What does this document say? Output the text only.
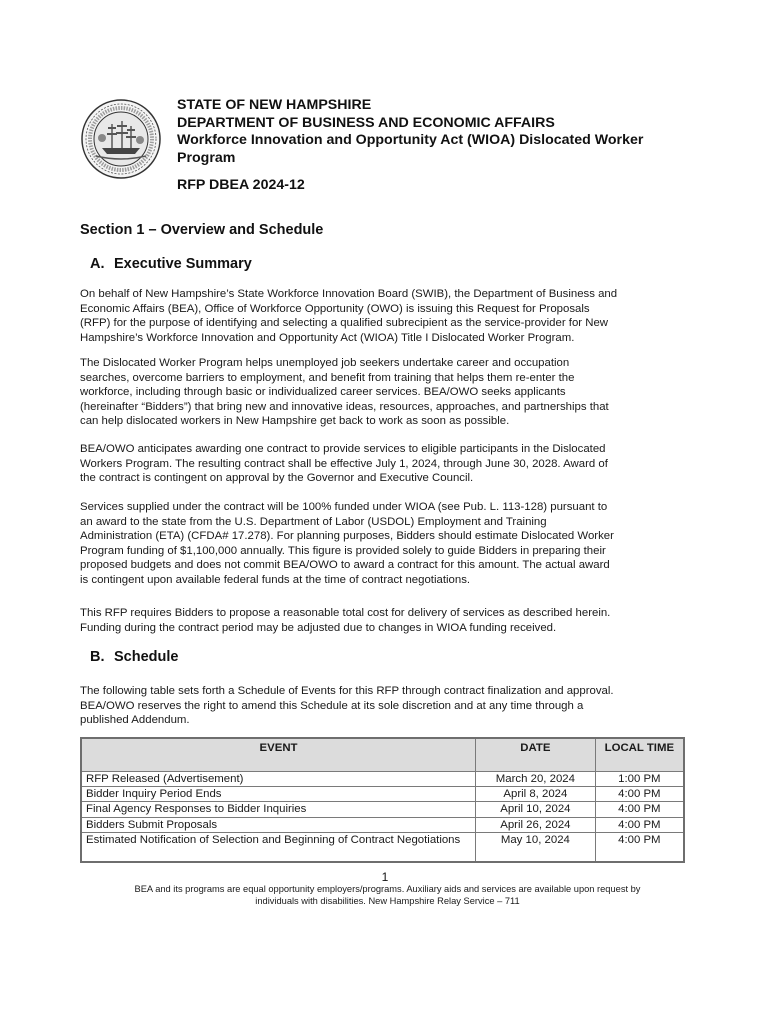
STATE OF NEW HAMPSHIRE
DEPARTMENT OF BUSINESS AND ECONOMIC AFFAIRS
Workforce Innovation and Opportunity Act (WIOA) Dislocated Worker
Program
RFP DBEA 2024-12
Section 1 – Overview and Schedule
A. Executive Summary
On behalf of New Hampshire’s State Workforce Innovation Board (SWIB), the Department of Business and
Economic Affairs (BEA), Office of Workforce Opportunity (OWO) is issuing this Request for Proposals
(RFP) for the purpose of identifying and selecting a qualified subrecipient as the service-provider for New
Hampshire’s Workforce Innovation and Opportunity Act (WIOA) Title I Dislocated Worker Program.
The Dislocated Worker Program helps unemployed job seekers undertake career and occupation
searches, overcome barriers to employment, and benefit from training that helps them re-enter the
workforce, including through basic or individualized career services. BEA/OWO seeks applicants
(hereinafter “Bidders”) that bring new and innovative ideas, resources, approaches, and partnerships that
can help dislocated workers in New Hampshire get back to work as soon as possible.
BEA/OWO anticipates awarding one contract to provide services to eligible participants in the Dislocated
Workers Program. The resulting contract shall be effective July 1, 2024, through June 30, 2028. Award of
the contract is contingent on approval by the Governor and Executive Council.
Services supplied under the contract will be 100% funded under WIOA (see Pub. L. 113-128) pursuant to
an award to the state from the U.S. Department of Labor (USDOL) Employment and Training
Administration (ETA) (CFDA# 17.278). For planning purposes, Bidders should estimate Dislocated Worker
Program funding of $1,100,000 annually. This figure is provided solely to guide Bidders in preparing their
proposed budgets and does not commit BEA/OWO to award a contract for this amount. The actual award
is contingent upon available federal funds at the time of contract negotiations.
This RFP requires Bidders to propose a reasonable total cost for delivery of services as described herein.
Funding during the contract period may be adjusted due to changes in WIOA funding received.
B. Schedule
The following table sets forth a Schedule of Events for this RFP through contract finalization and approval.
BEA/OWO reserves the right to amend this Schedule at its sole discretion and at any time through a
published Addendum.
EVENT	DATE	LOCAL TIME
RFP Released (Advertisement)	March 20, 2024	1:00 PM
Bidder Inquiry Period Ends	April 8, 2024	4:00 PM
Final Agency Responses to Bidder Inquiries	April 10, 2024	4:00 PM
Bidders Submit Proposals	April 26, 2024	4:00 PM
Estimated Notification of Selection and Beginning of Contract Negotiations	May 10, 2024	4:00 PM
1
BEA and its programs are equal opportunity employers/programs. Auxiliary aids and services are available upon request by
individuals with disabilities. New Hampshire Relay Service – 711
